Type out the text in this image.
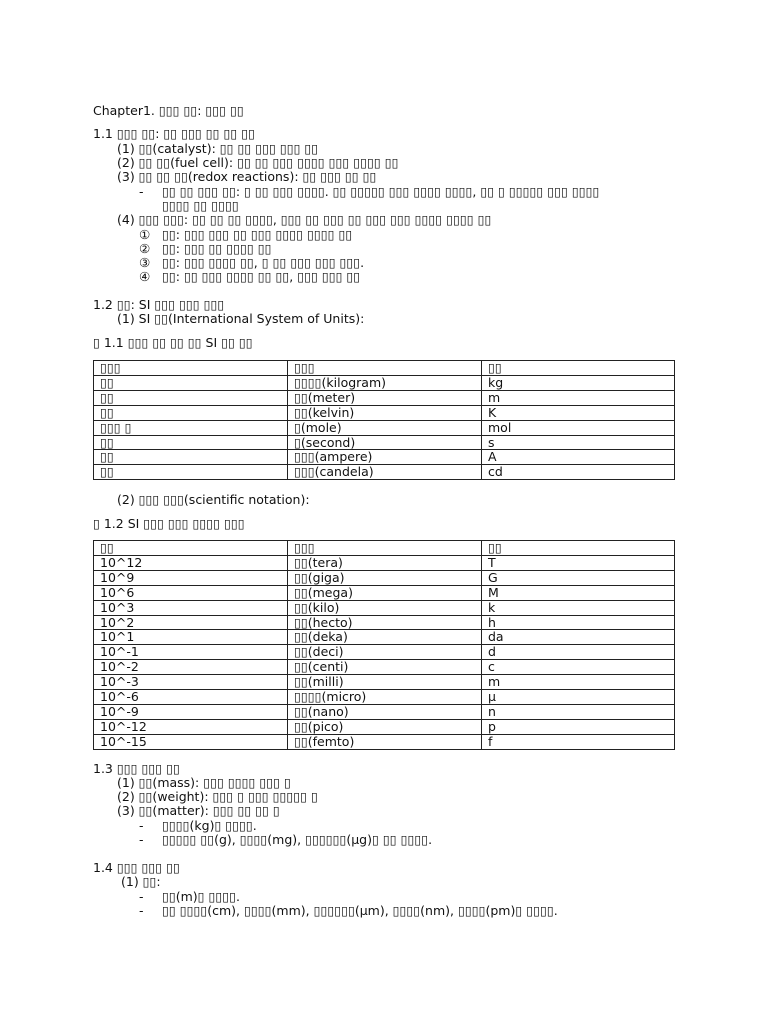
Chapter1. ▯▯▯ ▯▯: ▯▯▯ ▯▯
1.1 ▯▯▯ ▯▯: ▯▯ ▯▯▯ ▯▯ ▯▯ ▯▯
(1) ▯▯(catalyst): ▯▯ ▯▯ ▯▯▯ ▯▯▯ ▯▯
(2) ▯▯ ▯▯(fuel cell): ▯▯ ▯▯ ▯▯▯ ▯▯▯▯ ▯▯▯ ▯▯▯▯ ▯▯
(3) ▯▯ ▯▯ ▯▯(redox reactions): ▯▯ ▯▯▯ ▯▯ ▯▯
- ▯▯ ▯▯ ▯▯▯ ▯▯: ▯ ▯▯ ▯▯▯ ▯▯▯▯. ▯▯ ▯▯▯▯▯ ▯▯▯ ▯▯▯▯ ▯▯▯▯, ▯▯ ▯ ▯▯▯▯▯ ▯▯▯ ▯▯▯▯
▯▯▯▯ ▯▯ ▯▯▯▯
(4) ▯▯▯ ▯▯▯: ▯▯ ▯▯ ▯▯ ▯▯▯▯, ▯▯▯ ▯▯ ▯▯▯ ▯▯ ▯▯▯ ▯▯▯ ▯▯▯▯ ▯▯▯▯ ▯▯
① ▯▯: ▯▯▯ ▯▯▯ ▯▯ ▯▯▯ ▯▯▯▯ ▯▯▯▯ ▯▯
② ▯▯: ▯▯▯ ▯▯ ▯▯▯▯ ▯▯
③ ▯▯: ▯▯▯ ▯▯▯▯ ▯▯, ▯ ▯▯ ▯▯▯ ▯▯▯ ▯▯▯.
④ ▯▯: ▯▯ ▯▯▯ ▯▯▯▯ ▯▯ ▯▯, ▯▯▯ ▯▯▯ ▯▯
1.2 ▯▯: SI ▯▯▯ ▯▯▯ ▯▯▯
(1) SI ▯▯(International System of Units):
▯ 1.1 ▯▯▯ ▯▯ ▯▯ ▯▯ SI ▯▯ ▯▯
▯▯▯	▯▯▯	▯▯
▯▯	▯▯▯▯(kilogram)	kg
▯▯	▯▯(meter)	m
▯▯	▯▯(kelvin)	K
▯▯▯ ▯	▯(mole)	mol
▯▯	▯(second)	s
▯▯	▯▯▯(ampere)	A
▯▯	▯▯▯(candela)	cd
(2) ▯▯▯ ▯▯▯(scientific notation):
▯ 1.2 SI ▯▯▯ ▯▯▯ ▯▯▯▯ ▯▯▯
▯▯	▯▯▯	▯▯
10^12	▯▯(tera)	T
10^9	▯▯(giga)	G
10^6	▯▯(mega)	M
10^3	▯▯(kilo)	k
10^2	▯▯(hecto)	h
10^1	▯▯(deka)	da
10^-1	▯▯(deci)	d
10^-2	▯▯(centi)	c
10^-3	▯▯(milli)	m
10^-6	▯▯▯▯(micro)	μ
10^-9	▯▯(nano)	n
10^-12	▯▯(pico)	p
10^-15	▯▯(femto)	f
1.3 ▯▯▯ ▯▯▯ ▯▯
(1) ▯▯(mass): ▯▯▯ ▯▯▯▯ ▯▯▯ ▯
(2) ▯▯(weight): ▯▯▯ ▯ ▯▯▯ ▯▯▯▯▯ ▯
(3) ▯▯(matter): ▯▯▯ ▯▯ ▯▯ ▯
- ▯▯▯▯(kg)▯ ▯▯▯▯.
- ▯▯▯▯▯ ▯▯(g), ▯▯▯▯(mg), ▯▯▯▯▯▯(μg)▯ ▯▯ ▯▯▯▯.
1.4 ▯▯▯ ▯▯▯ ▯▯
(1) ▯▯:
- ▯▯(m)▯ ▯▯▯▯.
- ▯▯ ▯▯▯▯(cm), ▯▯▯▯(mm), ▯▯▯▯▯▯(μm), ▯▯▯▯(nm), ▯▯▯▯(pm)▯ ▯▯▯▯.
